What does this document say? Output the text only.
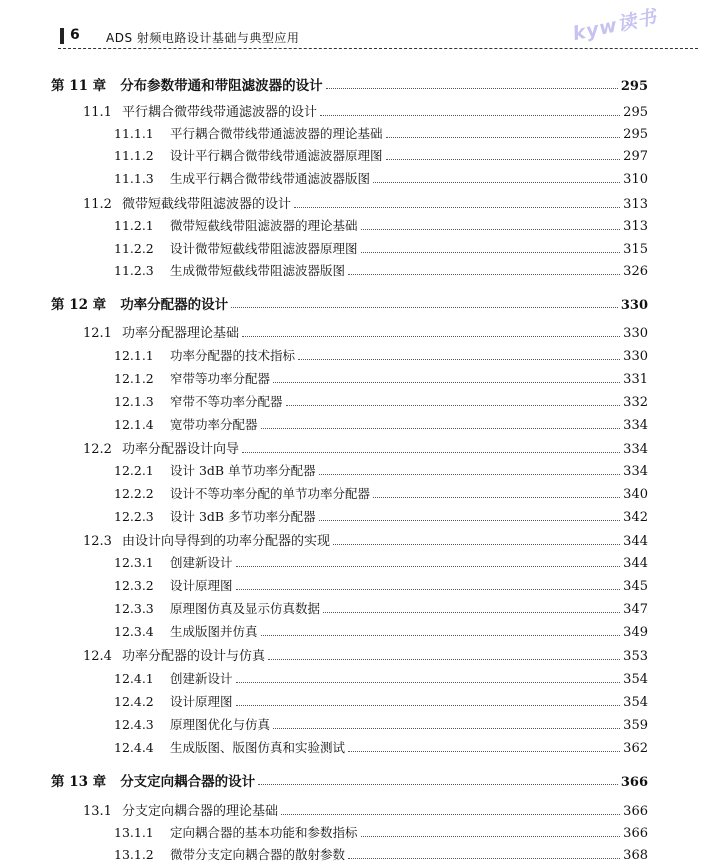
6 ADS 射频电路设计基础与典型应用	kyw读书
第 11 章	分布参数带通和带阻滤波器的设计	295
11.1 平行耦合微带线带通滤波器的设计	295
11.1.1	平行耦合微带线带通滤波器的理论基础	295
11.1.2	设计平行耦合微带线带通滤波器原理图	297
11.1.3	生成平行耦合微带线带通滤波器版图	310
11.2 微带短截线带阻滤波器的设计	313
11.2.1	微带短截线带阻滤波器的理论基础	313
11.2.2	设计微带短截线带阻滤波器原理图	315
11.2.3	生成微带短截线带阻滤波器版图	326
第 12 章	功率分配器的设计	330
12.1 功率分配器理论基础	330
12.1.1	功率分配器的技术指标	330
12.1.2	窄带等功率分配器	331
12.1.3	窄带不等功率分配器	332
12.1.4	宽带功率分配器	334
12.2 功率分配器设计向导	334
12.2.1	设计 3dB 单节功率分配器	334
12.2.2	设计不等功率分配的单节功率分配器	340
12.2.3	设计 3dB 多节功率分配器	342
12.3 由设计向导得到的功率分配器的实现	344
12.3.1	创建新设计	344
12.3.2	设计原理图	345
12.3.3	原理图仿真及显示仿真数据	347
12.3.4	生成版图并仿真	349
12.4 功率分配器的设计与仿真	353
12.4.1	创建新设计	354
12.4.2	设计原理图	354
12.4.3	原理图优化与仿真	359
12.4.4	生成版图、版图仿真和实验测试	362
第 13 章	分支定向耦合器的设计	366
13.1 分支定向耦合器的理论基础	366
13.1.1	定向耦合器的基本功能和参数指标	366
13.1.2	微带分支定向耦合器的散射参数	368
